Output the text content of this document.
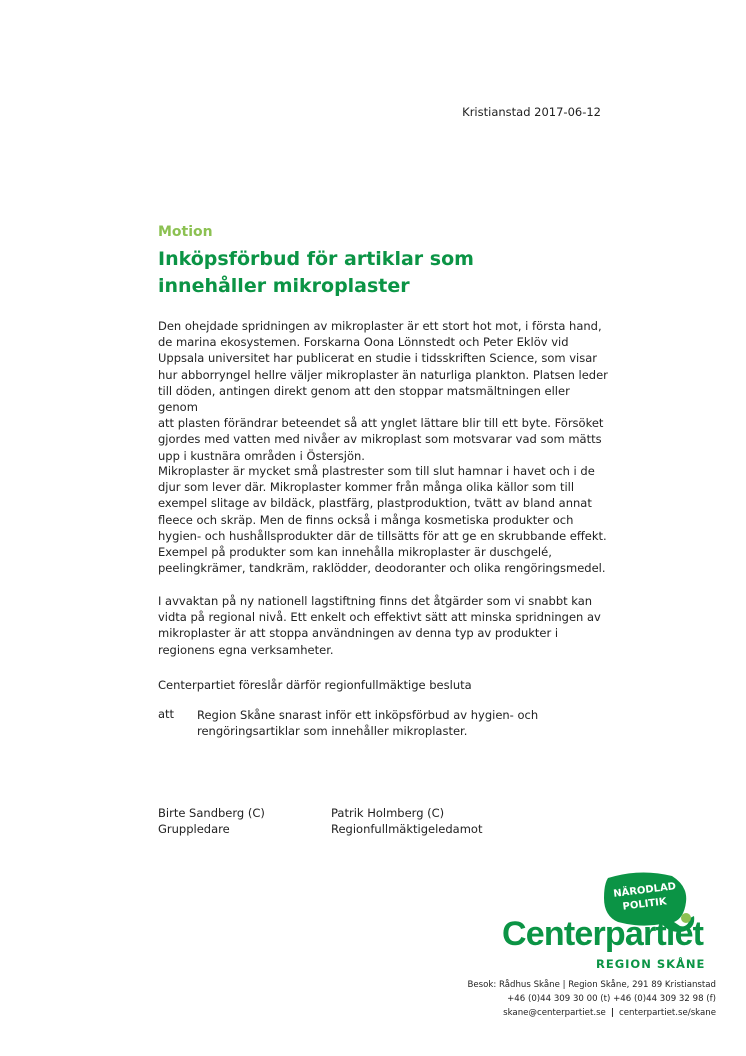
Kristianstad 2017-06-12
Motion
Inköpsförbud för artiklar som
innehåller mikroplaster

Den ohejdade spridningen av mikroplaster är ett stort hot mot, i första hand,
de marina ekosystemen. Forskarna Oona Lönnstedt och Peter Eklöv vid
Uppsala universitet har publicerat en studie i tidsskriften Science, som visar
hur abborryngel hellre väljer mikroplaster än naturliga plankton. Platsen leder
till döden, antingen direkt genom att den stoppar matsmältningen eller genom
att plasten förändrar beteendet så att ynglet lättare blir till ett byte. Försöket
gjordes med vatten med nivåer av mikroplast som motsvarar vad som mätts
upp i kustnära områden i Östersjön.

Mikroplaster är mycket små plastrester som till slut hamnar i havet och i de
djur som lever där. Mikroplaster kommer från många olika källor som till
exempel slitage av bildäck, plastfärg, plastproduktion, tvätt av bland annat
fleece och skräp. Men de finns också i många kosmetiska produkter och
hygien- och hushållsprodukter där de tillsätts för att ge en skrubbande effekt.
Exempel på produkter som kan innehålla mikroplaster är duschgelé,
peelingkrämer, tandkräm, raklödder, deodoranter och olika rengöringsmedel.

I avvaktan på ny nationell lagstiftning finns det åtgärder som vi snabbt kan
vidta på regional nivå. Ett enkelt och effektivt sätt att minska spridningen av
mikroplaster är att stoppa användningen av denna typ av produkter i
regionens egna verksamheter.

Centerpartiet föreslår därför regionfullmäktige besluta

att Region Skåne snarast inför ett inköpsförbud av hygien- och
rengöringsartiklar som innehåller mikroplaster.
Birte Sandberg (C)
Gruppledare
Patrik Holmberg (C)
Regionfullmäktigeledamot
NÄRODLAD
POLITIK
Centerpartiet
REGION SKÅNE
Besok: Rådhus Skåne | Region Skåne, 291 89 Kristianstad
+46 (0)44 309 30 00 (t) +46 (0)44 309 32 98 (f)
skane@centerpartiet.se | centerpartiet.se/skane
